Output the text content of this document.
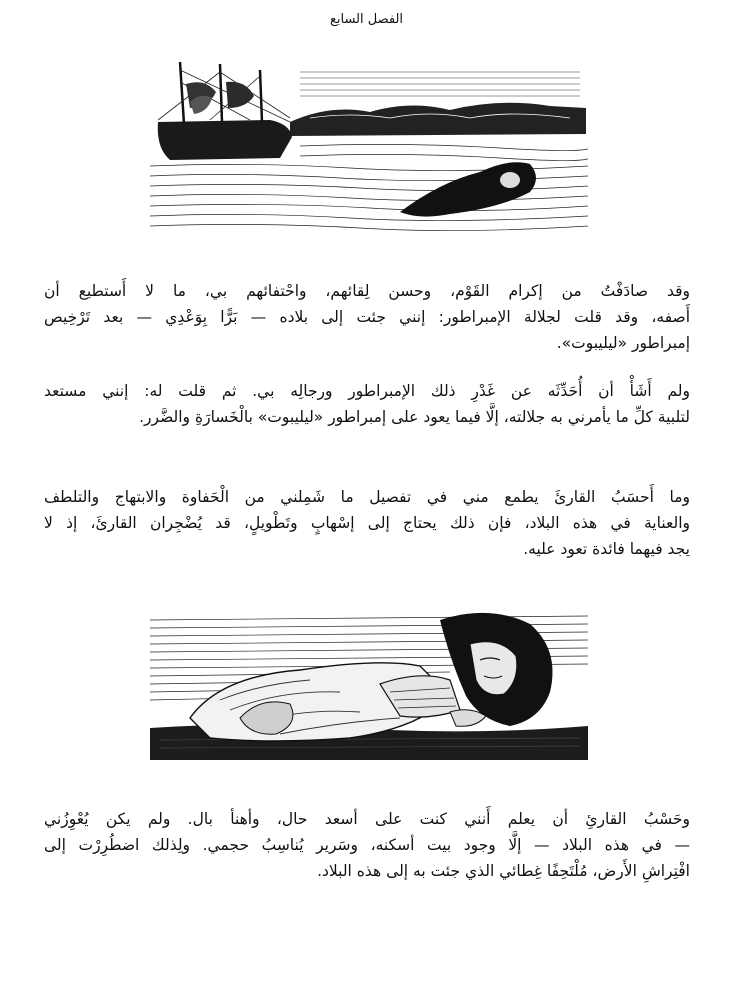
الفصل السابع

وقد صادَفْتُ من إكرام القَوْم، وحسن لِقائهم، واحْتفائهم بي، ما لا أَستطيع أن
أَصفه، وقد قلت لجلالة الإمبراطور: إنني جئت إلى بلاده — بَرًّا بِوَعْدِي — بعد تَرْخِيص
إمبراطور «ليليبوت».

ولم أَشَأْ أن أُحَدِّثَه عن غَدْرِ ذلك الإمبراطور ورجالِه بي. ثم قلت له: إنني مستعد
لتلبية كلِّ ما يأمرني به جلالته، إلَّا فيما يعود على إمبراطور «ليليبوت» بالْخَسارَةِ والضَّرر.

وما أَحسَبُ القارئَ يطمع مني في تفصيل ما شَمِلني من الْحَفاوة والابتهاج والتلطف
والعناية في هذه البلاد، فإن ذلك يحتاج إلى إسْهابٍ وتَطْويلٍ، قد يُضْجِران القارئَ، إذ لا
يجد فيهما فائدة تعود عليه.

وحَسْبُ القارئِ أن يعلم أَنني كنت على أسعد حال، وأهنأ بال. ولم يكن يُعْوِزُني
— في هذه البلاد — إلَّا وجود بيت أسكنه، وسَرير يُناسِبُ حجمي. ولِذلك اضطُرِرْت إلى
افْتِراشِ الأَرض، مُلْتَحِفًا غِطائي الذي جئت به إلى هذه البلاد.
